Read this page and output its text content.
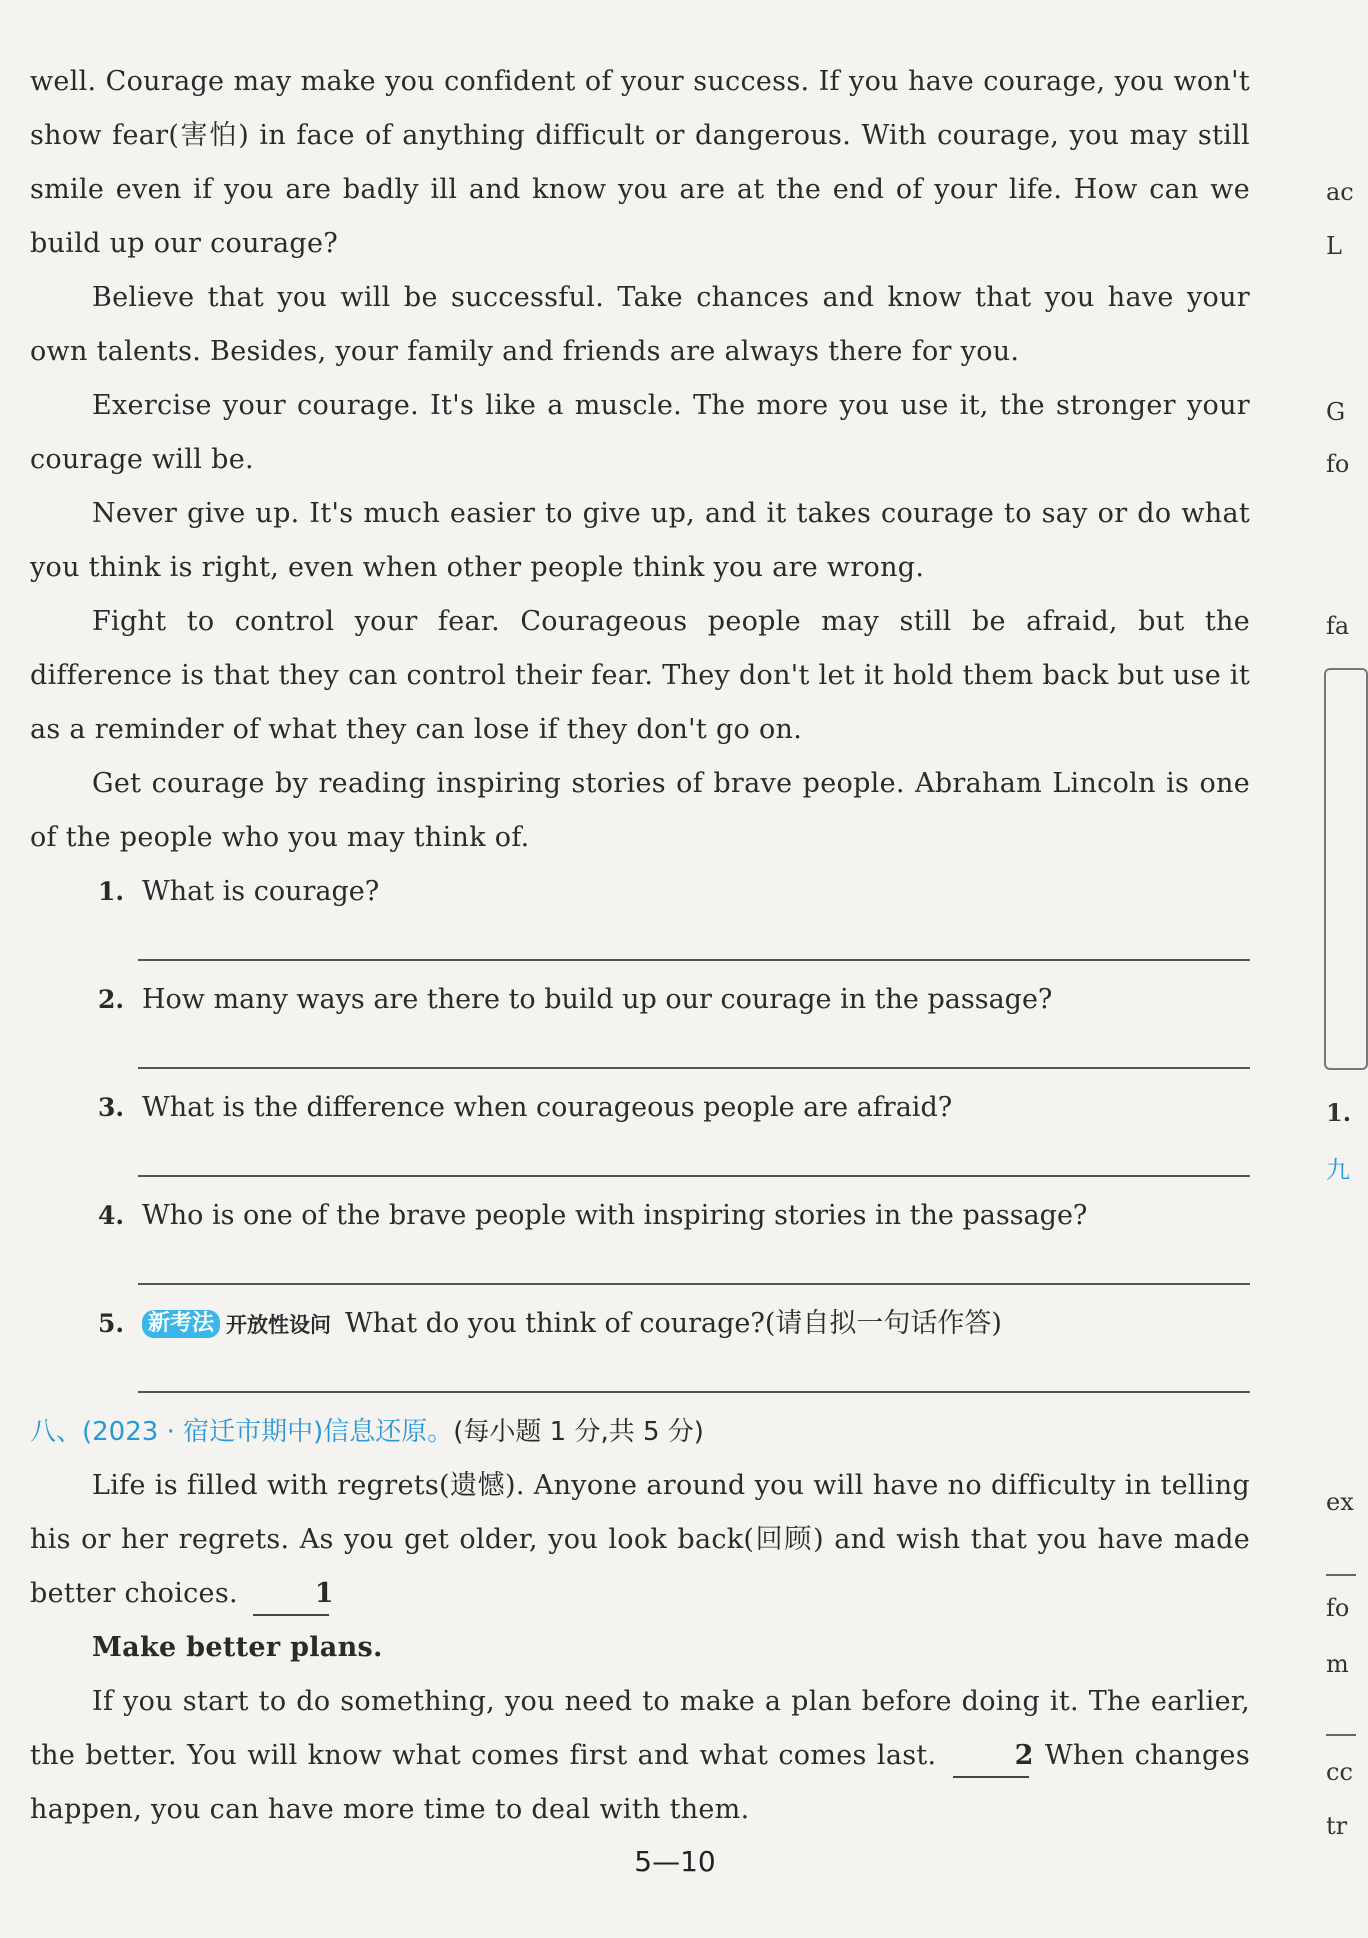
well. Courage may make you confident of your success. If you have courage, you won't show fear(害怕) in face of anything difficult or dangerous. With courage, you may still smile even if you are badly ill and know you are at the end of your life. How can we build up our courage?

Believe that you will be successful. Take chances and know that you have your own talents. Besides, your family and friends are always there for you.

Exercise your courage. It's like a muscle. The more you use it, the stronger your courage will be.

Never give up. It's much easier to give up, and it takes courage to say or do what you think is right, even when other people think you are wrong.

Fight to control your fear. Courageous people may still be afraid, but the difference is that they can control their fear. They don't let it hold them back but use it as a reminder of what they can lose if they don't go on.

Get courage by reading inspiring stories of brave people. Abraham Lincoln is one of the people who you may think of.

1. What is courage?
2. How many ways are there to build up our courage in the passage?
3. What is the difference when courageous people are afraid?
4. Who is one of the brave people with inspiring stories in the passage?
5. 新考法 开放性设问 What do you think of courage?(请自拟一句话作答)
八、(2023 · 宿迁市期中)信息还原。(每小题 1 分,共 5 分)

Life is filled with regrets(遗憾). Anyone around you will have no difficulty in telling his or her regrets. As you get older, you look back(回顾) and wish that you have made better choices.	1

Make better plans.

If you start to do something, you need to make a plan before doing it. The earlier, the better. You will know what comes first and what comes last.	2 When changes happen, you can have more time to deal with them.

5—10
ac
L
G
fo
fa
1.
九
ex
fo
m
cc
tr
